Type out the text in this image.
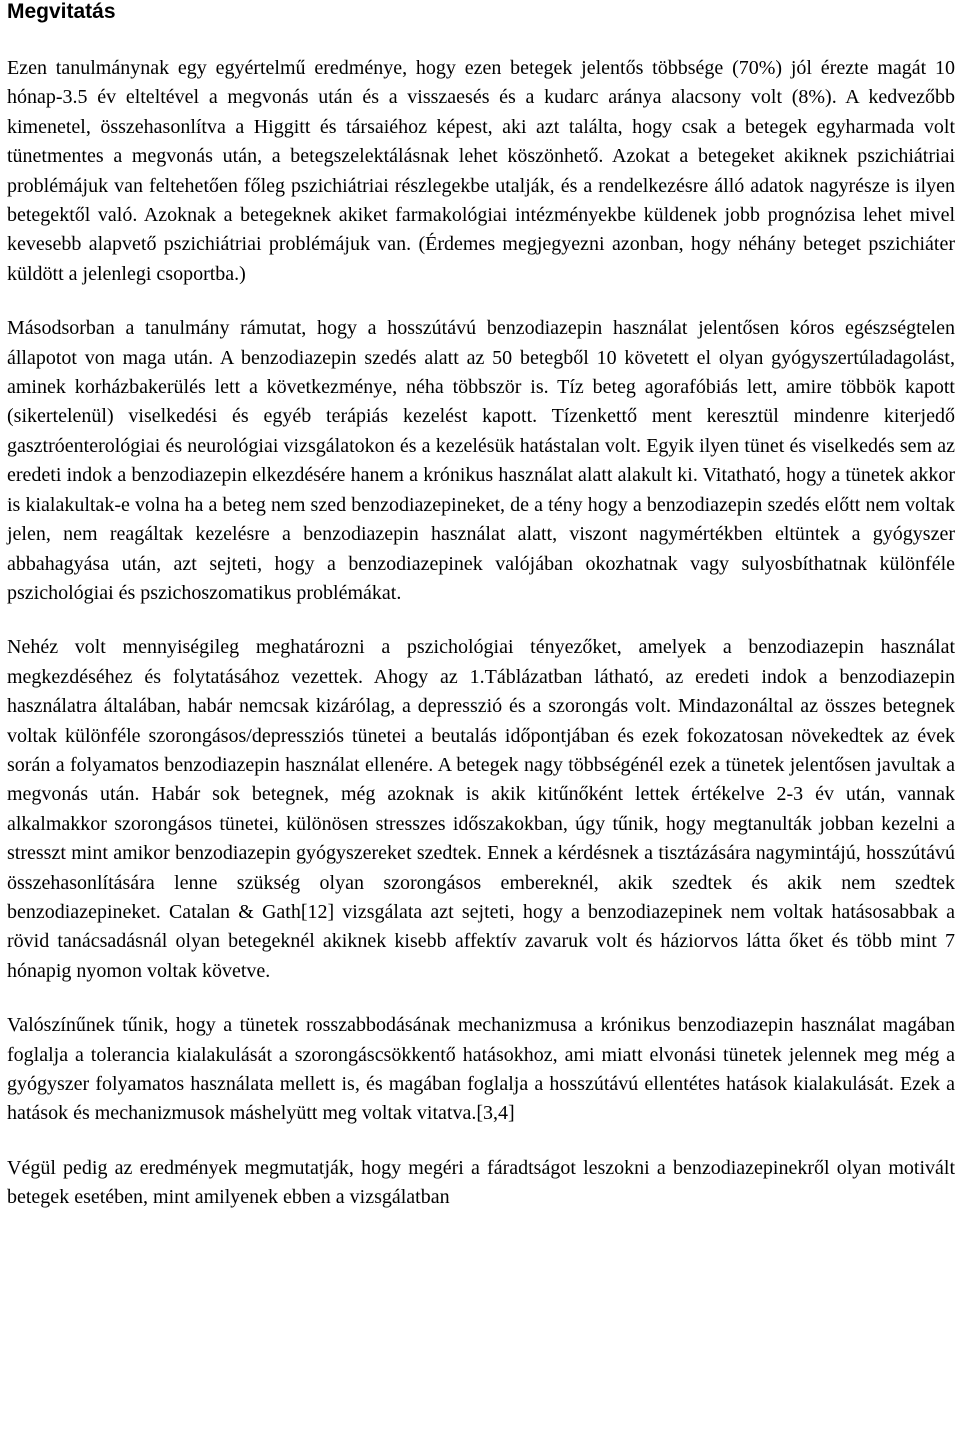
Megvitatás

Ezen tanulmánynak egy egyértelmű eredménye, hogy ezen betegek jelentős többsége (70%) jól érezte magát 10 hónap-3.5 év elteltével a megvonás után és a visszaesés és a kudarc aránya alacsony volt (8%). A kedvezőbb kimenetel, összehasonlítva a Higgitt és társaiéhoz képest, aki azt találta, hogy csak a betegek egyharmada volt tünetmentes a megvonás után, a betegszelektálásnak lehet köszönhető. Azokat a betegeket akiknek pszichiátriai problémájuk van feltehetően főleg pszichiátriai részlegekbe utalják, és a rendelkezésre álló adatok nagyrésze is ilyen betegektől való. Azoknak a betegeknek akiket farmakológiai intézményekbe küldenek jobb prognózisa lehet mivel kevesebb alapvető pszichiátriai problémájuk van. (Érdemes megjegyezni azonban, hogy néhány beteget pszichiáter küldött a jelenlegi csoportba.)

Másodsorban a tanulmány rámutat, hogy a hosszútávú benzodiazepin használat jelentősen kóros egészségtelen állapotot von maga után. A benzodiazepin szedés alatt az 50 betegből 10 követett el olyan gyógyszertúladagolást, aminek korházbakerülés lett a következménye, néha többször is. Tíz beteg agorafóbiás lett, amire többök kapott (sikertelenül) viselkedési és egyéb terápiás kezelést kapott. Tízenkettő ment keresztül mindenre kiterjedő gasztróenterológiai és neurológiai vizsgálatokon és a kezelésük hatástalan volt. Egyik ilyen tünet és viselkedés sem az eredeti indok a benzodiazepin elkezdésére hanem a krónikus használat alatt alakult ki. Vitatható, hogy a tünetek akkor is kialakultak-e volna ha a beteg nem szed benzodiazepineket, de a tény hogy a benzodiazepin szedés előtt nem voltak jelen, nem reagáltak kezelésre a benzodiazepin használat alatt, viszont nagymértékben eltüntek a gyógyszer abbahagyása után, azt sejteti, hogy a benzodiazepinek valójában okozhatnak vagy sulyosbíthatnak különféle pszichológiai és pszichoszomatikus problémákat.

Nehéz volt mennyiségileg meghatározni a pszichológiai tényezőket, amelyek a benzodiazepin használat megkezdéséhez és folytatásához vezettek. Ahogy az 1.Táblázatban látható, az eredeti indok a benzodiazepin használatra általában, habár nemcsak kizárólag, a depresszió és a szorongás volt. Mindazonáltal az összes betegnek voltak különféle szorongásos/depressziós tünetei a beutalás időpontjában és ezek fokozatosan növekedtek az évek során a folyamatos benzodiazepin használat ellenére. A betegek nagy többségénél ezek a tünetek jelentősen javultak a megvonás után. Habár sok betegnek, még azoknak is akik kitűnőként lettek értékelve 2-3 év után, vannak alkalmakkor szorongásos tünetei, különösen stresszes időszakokban, úgy tűnik, hogy megtanulták jobban kezelni a stresszt mint amikor benzodiazepin gyógyszereket szedtek. Ennek a kérdésnek a tisztázására nagymintájú, hosszútávú összehasonlítására lenne szükség olyan szorongásos embereknél, akik szedtek és akik nem szedtek benzodiazepineket. Catalan & Gath[12] vizsgálata azt sejteti, hogy a benzodiazepinek nem voltak hatásosabbak a rövid tanácsadásnál olyan betegeknél akiknek kisebb affektív zavaruk volt és háziorvos látta őket és több mint 7 hónapig nyomon voltak követve.

Valószínűnek tűnik, hogy a tünetek rosszabbodásának mechanizmusa a krónikus benzodiazepin használat magában foglalja a tolerancia kialakulását a szorongáscsökkentő hatásokhoz, ami miatt elvonási tünetek jelennek meg még a gyógyszer folyamatos használata mellett is, és magában foglalja a hosszútávú ellentétes hatások kialakulását. Ezek a hatások és mechanizmusok máshelyütt meg voltak vitatva.[3,4]

Végül pedig az eredmények megmutatják, hogy megéri a fáradtságot leszokni a benzodiazepinekről olyan motivált betegek esetében, mint amilyenek ebben a vizsgálatban
